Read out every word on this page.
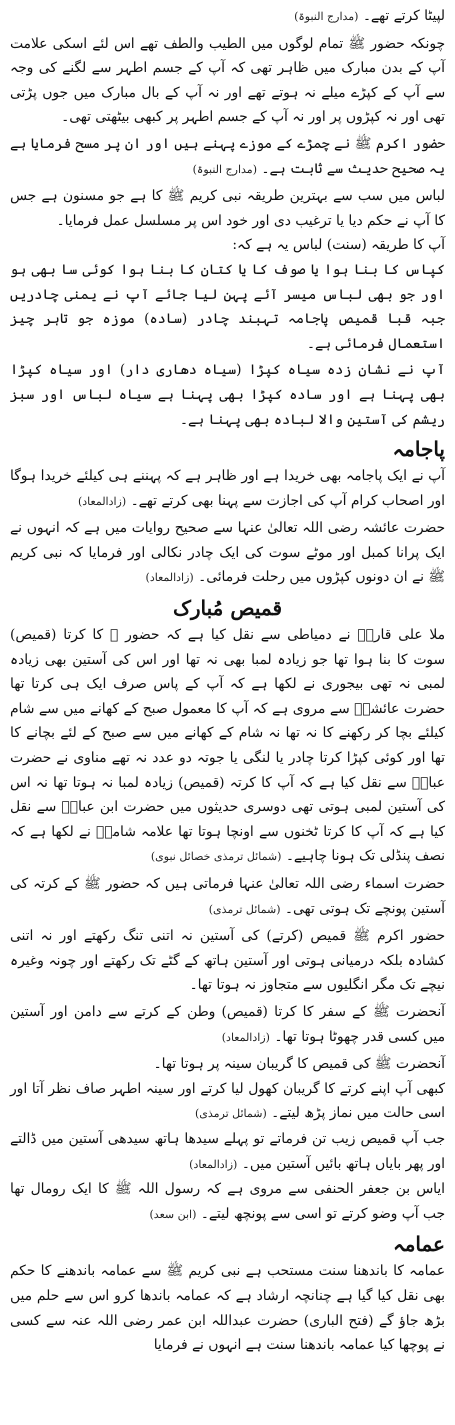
لپیٹا کرتے تھے۔ (مدارج النبوۃ)

چونکہ حضور ﷺ تمام لوگوں میں الطیب والطف تھے اس لئے اسکی علامت آپ کے بدن مبارک میں ظاہر تھی کہ آپ کے جسم اطہر سے لگنے کی وجہ سے آپ کے کپڑے میلے نہ ہوتے تھے اور نہ آپ کے بال مبارک میں جوں پڑتی تھی اور نہ کپڑوں پر اور نہ آپ کے جسم اطہر پر کبھی بیٹھتی تھی۔

حضور اکرم ﷺ نے چمڑے کے موزے پہنے ہیں اور ان پر مسح فرمایا ہے یہ صحیح حدیث سے ثابت ہے۔ (مدارج النبوۃ)

لباس میں سب سے بہترین طریقہ نبی کریم ﷺ کا ہے جو مسنون ہے جس کا آپ نے حکم دیا یا ترغیب دی اور خود اس پر مسلسل عمل فرمایا۔

آپ کا طریقہ (سنت) لباس یہ ہے کہ:

کپاس کا بنا ہوا یا صوف کا یا کتان کا بنا ہوا کوئی سا بھی ہو اور جو بھی لباس میسر آئے پہن لیا جائے آپ نے یمنی چادریں جبہ قبا قمیص پاجامہ تہبند چادر (سادہ) موزہ جو تاہر چیز استعمال فرمائی ہے۔

آپ نے نشان زدہ سیاہ کپڑا (سیاہ دھاری دار) اور سیاہ کپڑا بھی پہنا ہے اور سادہ کپڑا بھی پہنا ہے سیاہ لباس اور سبز ریشم کی آستین والا لبادہ بھی پہنا ہے۔

پاجامہ

آپ نے ایک پاجامہ بھی خریدا ہے اور ظاہر ہے کہ پہننے ہی کیلئے خریدا ہوگا اور اصحاب کرام آپ کی اجازت سے پہنا بھی کرتے تھے۔ (زادالمعاد)

حضرت عائشہ رضی اللہ تعالیٰ عنہا سے صحیح روایات میں ہے کہ انہوں نے ایک پرانا کمبل اور موٹے سوت کی ایک چادر نکالی اور فرمایا کہ نبی کریم ﷺ نے ان دونوں کپڑوں میں رحلت فرمائی۔ (زادالمعاد)

قمیص مُبارک

ملا علی قاریؒ نے دمیاطی سے نقل کیا ہے کہ حضور ﷺ کا کرتا (قمیص) سوت کا بنا ہوا تھا جو زیادہ لمبا بھی نہ تھا اور اس کی آستین بھی زیادہ لمبی نہ تھی بیجوری نے لکھا ہے کہ آپ کے پاس صرف ایک ہی کرتا تھا حضرت عائشہؓ سے مروی ہے کہ آپ کا معمول صبح کے کھانے میں سے شام کیلئے بچا کر رکھنے کا نہ تھا نہ شام کے کھانے میں سے صبح کے لئے بچانے کا تھا اور کوئی کپڑا کرتا چادر یا لنگی یا جوتہ دو عدد نہ تھے مناوی نے حضرت عباسؓ سے نقل کیا ہے کہ آپ کا کرتہ (قمیص) زیادہ لمبا نہ ہوتا تھا نہ اس کی آستین لمبی ہوتی تھی دوسری حدیثوں میں حضرت ابن عباسؓ سے نقل کیا ہے کہ آپ کا کرتا ٹخنوں سے اونچا ہوتا تھا علامہ شامیؒ نے لکھا ہے کہ نصف پنڈلی تک ہونا چاہیے۔ (شمائل ترمذی خصائل نبوی)

حضرت اسماء رضی اللہ تعالیٰ عنہا فرماتی ہیں کہ حضور ﷺ کے کرتہ کی آستین پونچے تک ہوتی تھی۔ (شمائل ترمذی)

حضور اکرم ﷺ قمیص (کرتے) کی آستین نہ اتنی تنگ رکھتے اور نہ اتنی کشادہ بلکہ درمیانی ہوتی اور آستین ہاتھ کے گٹے تک رکھتے اور چونہ وغیرہ نیچے تک مگر انگلیوں سے متجاوز نہ ہوتا تھا۔

آنحضرت ﷺ کے سفر کا کرتا (قمیص) وطن کے کرتے سے دامن اور آستین میں کسی قدر چھوٹا ہوتا تھا۔ (زادالمعاد)

آنحضرت ﷺ کی قمیص کا گریبان سینہ پر ہوتا تھا۔

کبھی آپ اپنے کرتے کا گریبان کھول لیا کرتے اور سینہ اطہر صاف نظر آتا اور اسی حالت میں نماز پڑھ لیتے۔ (شمائل ترمذی)

جب آپ قمیص زیب تن فرماتے تو پہلے سیدھا ہاتھ سیدھی آستین میں ڈالتے اور پھر بایاں ہاتھ بائیں آستین میں۔ (زادالمعاد)

ایاس بن جعفر الحنفی سے مروی ہے کہ رسول اللہ ﷺ کا ایک رومال تھا جب آپ وضو کرتے تو اسی سے پونچھ لیتے۔ (ابن سعد)

عمامہ

عمامہ کا باندھنا سنت مستحب ہے نبی کریم ﷺ سے عمامہ باندھنے کا حکم بھی نقل کیا گیا ہے چنانچہ ارشاد ہے کہ عمامہ باندھا کرو اس سے حلم میں بڑھ جاؤ گے (فتح الباری) حضرت عبداللہ ابن عمر رضی اللہ عنہ سے کسی نے پوچھا کیا عمامہ باندھنا سنت ہے انہوں نے فرمایا
